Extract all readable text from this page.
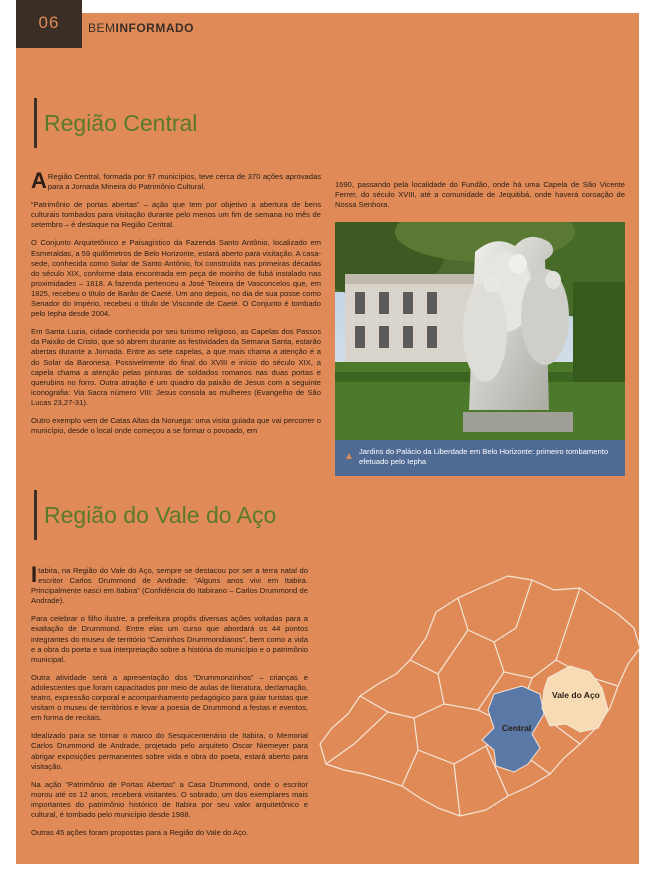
06	BEMINFORMADO
Região Central

A Região Central, formada por 97 municípios, teve cerca de 370 ações aprovadas para a Jornada Mineira do Patrimônio Cultural.

“Patrimônio de portas abertas” – ação que tem por objetivo a abertura de bens culturais tombados para visitação durante pelo menos um fim de semana no mês de setembro – é destaque na Região Central.

O Conjunto Arquitetônico e Paisagístico da Fazenda Santo Antônio, localizado em Esmeraldas, a 59 quilômetros de Belo Horizonte, estará aberto para visitação. A casa-sede, conhecida como Solar de Santo Antônio, foi construída nas primeiras décadas do século XIX, conforme data encontrada em peça de moinho de fubá instalado nas proximidades – 1818. A fazenda pertenceu a José Teixeira de Vasconcelos que, em 1825, recebeu o título de Barão de Caeté. Um ano depois, no dia de sua posse como Senador do Império, recebeu o título de Visconde de Caeté. O Conjunto é tombado pelo Iepha desde 2004.

Em Santa Luzia, cidade conhecida por seu turismo religioso, as Capelas dos Passos da Paixão de Cristo, que só abrem durante as festividades da Semana Santa, estarão abertas durante a Jornada. Entre as sete capelas, a que mais chama a atenção é a do Solar da Baronesa. Possivelmente do final do XVIII e início do século XIX, a capela chama a atenção pelas pinturas de soldados romanos nas duas portas e querubins no forro. Outra atração é um quadro da paixão de Jesus com a seguinte iconografia: Via Sacra número VIII: Jesus consola as mulheres (Evangelho de São Lucas 23,27-31).

Outro exemplo vem de Catas Altas da Noruega: uma visita guiada que vai percorrer o município, desde o local onde começou a se formar o povoado, em

1690, passando pela localidade do Fundão, onde há uma Capela de São Vicente Ferrer, do século XVIII, até a comunidade de Jequitibá, onde haverá coroação de Nossa Senhora.

▲ Jardins do Palácio da Liberdade em Belo Horizonte: primeiro tombamento efetuado pelo Iepha
Região do Vale do Aço

Itabira, na Região do Vale do Aço, sempre se destacou por ser a terra natal do escritor Carlos Drummond de Andrade: “Alguns anos vivi em Itabira. Principalmente nasci em Itabira” (Confidência do Itabirano – Carlos Drummond de Andrade).

Para celebrar o filho ilustre, a prefeitura propôs diversas ações voltadas para a exaltação de Drummond. Entre elas um curso que abordará os 44 pontos integrantes do museu de território “Caminhos Drummondianos”, bem como a vida e a obra do poeta e sua interpretação sobre a história do município e o patrimônio municipal.

Outra atividade será a apresentação dos “Drummonzinhos” – crianças e adolescentes que foram capacitados por meio de aulas de literatura, declamação, teatro, expressão corporal e acompanhamento pedagógico para guiar turistas que visitam o museu de territórios e levar a poesia de Drummond a festas e eventos, em forma de recitais.

Idealizado para se tornar o marco do Sesquicentenário de Itabira, o Memorial Carlos Drummond de Andrade, projetado pelo arquiteto Oscar Niemeyer para abrigar exposições permanentes sobre vida e obra do poeta, estará aberto para visitação.

Na ação “Patrimônio de Portas Abertas” a Casa Drummond, onde o escritor morou até os 12 anos, receberá visitantes. O sobrado, um dos exemplares mais importantes do patrimônio histórico de Itabira por seu valor arquitetônico e cultural, é tombado pelo município desde 1988.

Outras 45 ações foram propostas para a Região do Vale do Aço.

Vale do Aço
Central
